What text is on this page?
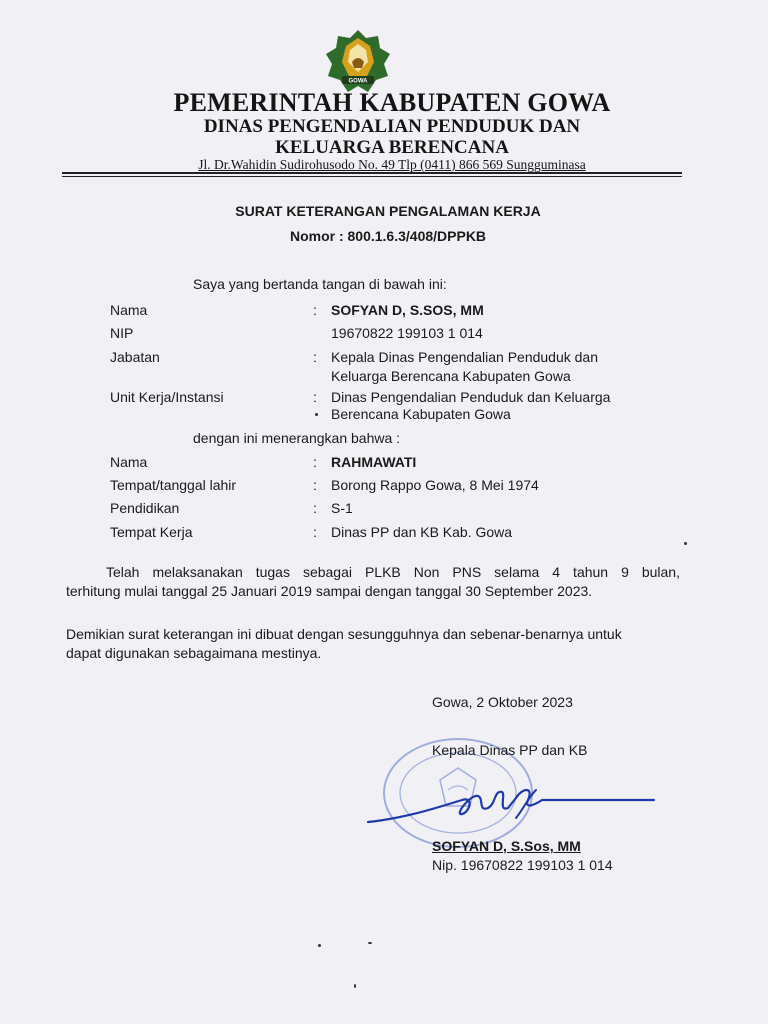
GOWA
PEMERINTAH KABUPATEN GOWA
DINAS PENGENDALIAN PENDUDUK DAN
KELUARGA BERENCANA
Jl. Dr.Wahidin Sudirohusodo No. 49 Tlp (0411) 866 569 Sungguminasa
SURAT KETERANGAN PENGALAMAN KERJA
Nomor : 800.1.6.3/408/DPPKB
Saya yang bertanda tangan di bawah ini:
Nama	: SOFYAN D, S.SOS, MM
NIP	19670822 199103 1 014
Jabatan	: Kepala Dinas Pengendalian Penduduk dan
Keluarga Berencana Kabupaten Gowa
Unit Kerja/Instansi	: Dinas Pengendalian Penduduk dan Keluarga
Berencana Kabupaten Gowa
dengan ini menerangkan bahwa :
Nama	: RAHMAWATI
Tempat/tanggal lahir	: Borong Rappo Gowa, 8 Mei 1974
Pendidikan	: S-1
Tempat Kerja	: Dinas PP dan KB Kab. Gowa
Telah melaksanakan tugas sebagai PLKB Non PNS selama 4 tahun 9 bulan,
terhitung mulai tanggal 25 Januari 2019 sampai dengan tanggal 30 September 2023.
Demikian surat keterangan ini dibuat dengan sesungguhnya dan sebenar-benarnya untuk
dapat digunakan sebagaimana mestinya.
Gowa, 2 Oktober 2023
Kepala Dinas PP dan KB
SOFYAN D, S.Sos, MM
Nip. 19670822 199103 1 014
